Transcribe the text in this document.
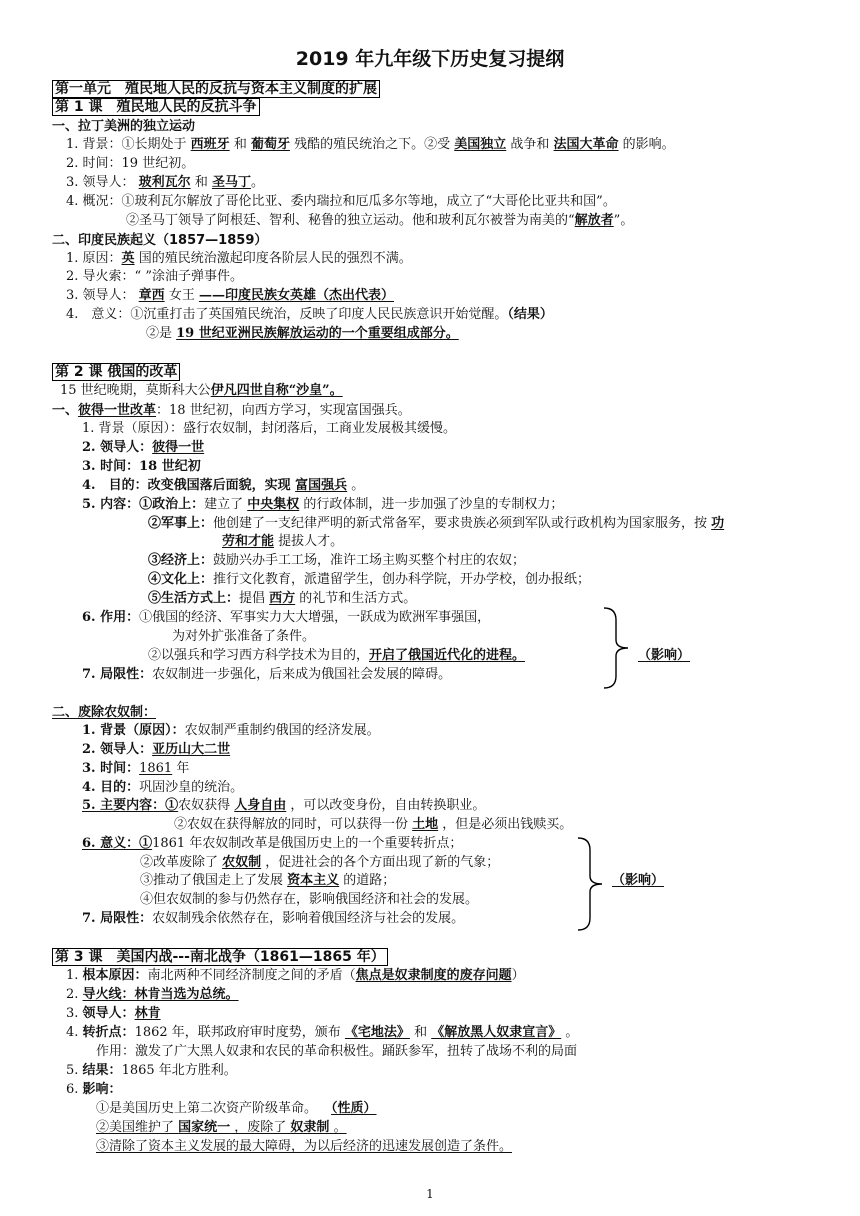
2019 年九年级下历史复习提纲
第一单元　殖民地人民的反抗与资本主义制度的扩展
第 1 课　殖民地人民的反抗斗争
一、拉丁美洲的独立运动
1. 背景：①长期处于 西班牙 和 葡萄牙 残酷的殖民统治之下。②受 美国独立 战争和 法国大革命 的影响。
2. 时间：19 世纪初。
3. 领导人： 玻利瓦尔 和 圣马丁。
4. 概况：①玻利瓦尔解放了哥伦比亚、委内瑞拉和厄瓜多尔等地，成立了“大哥伦比亚共和国”。
②圣马丁领导了阿根廷、智利、秘鲁的独立运动。他和玻利瓦尔被誉为南美的“解放者”。
二、印度民族起义（1857—1859）
1. 原因：英 国的殖民统治激起印度各阶层人民的强烈不满。
2. 导火索：“ ”涂油子弹事件。
3. 领导人： 章西 女王 ——印度民族女英雄（杰出代表）
4.　意义：①沉重打击了英国殖民统治，反映了印度人民民族意识开始觉醒。（结果）
②是 19 世纪亚洲民族解放运动的一个重要组成部分。
第 2 课 俄国的改革
15 世纪晚期，莫斯科大公伊凡四世自称“沙皇”。
一、彼得一世改革：18 世纪初，向西方学习，实现富国强兵。
1. 背景（原因）：盛行农奴制，封闭落后，工商业发展极其缓慢。
2. 领导人：彼得一世
3. 时间：18 世纪初
4.　目的：改变俄国落后面貌，实现 富国强兵 。
5. 内容：①政治上：建立了 中央集权 的行政体制，进一步加强了沙皇的专制权力；
②军事上：他创建了一支纪律严明的新式常备军，要求贵族必须到军队或行政机构为国家服务，按 功
劳和才能 提拔人才。
③经济上：鼓励兴办手工工场，准许工场主购买整个村庄的农奴；
④文化上：推行文化教育，派遣留学生，创办科学院，开办学校，创办报纸；
⑤生活方式上：提倡 西方 的礼节和生活方式。
6. 作用：①俄国的经济、军事实力大大增强，一跃成为欧洲军事强国，
为对外扩张准备了条件。
②以强兵和学习西方科学技术为目的，开启了俄国近代化的进程。	（影响）
7. 局限性：农奴制进一步强化，后来成为俄国社会发展的障碍。
二、废除农奴制：
1. 背景（原因）：农奴制严重制约俄国的经济发展。
2. 领导人：亚历山大二世
3. 时间：1861 年
4. 目的：巩固沙皇的统治。
5. 主要内容：①农奴获得 人身自由 ，可以改变身份，自由转换职业。
②农奴在获得解放的同时，可以获得一份 土地 ，但是必须出钱赎买。
6. 意义：①1861 年农奴制改革是俄国历史上的一个重要转折点；
②改革废除了 农奴制 ，促进社会的各个方面出现了新的气象；
③推动了俄国走上了发展 资本主义 的道路；
④但农奴制的参与仍然存在，影响俄国经济和社会的发展。
（影响）
7. 局限性：农奴制残余依然存在，影响着俄国经济与社会的发展。
第 3 课　美国内战---南北战争（1861—1865 年）
1. 根本原因：南北两种不同经济制度之间的矛盾（焦点是奴隶制度的废存问题）
2. 导火线：林肯当选为总统。
3. 领导人：林肯
4. 转折点：1862 年，联邦政府审时度势，颁布 《宅地法》 和 《解放黑人奴隶宣言》 。
作用：激发了广大黑人奴隶和农民的革命积极性。踊跃参军，扭转了战场不利的局面
5. 结果：1865 年北方胜利。
6. 影响：
①是美国历史上第二次资产阶级革命。 （性质）
②美国维护了 国家统一 ，废除了 奴隶制 。
③清除了资本主义发展的最大障碍，为以后经济的迅速发展创造了条件。
1
